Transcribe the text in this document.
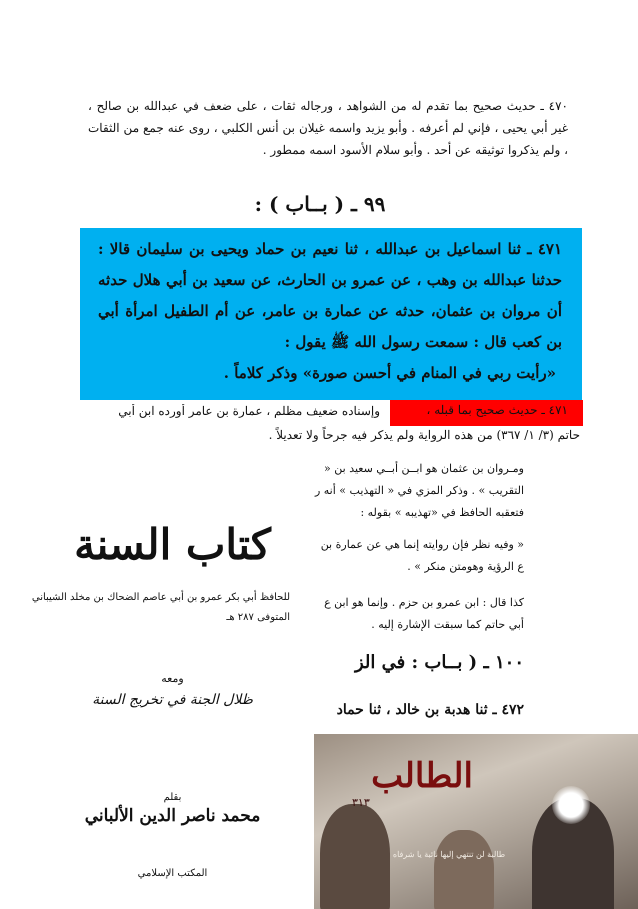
٤٧٠ ـ حديث صحيح بما تقدم له من الشواهد ، ورجاله ثقات ، على ضعف في عبدالله بن صالح ، غير أبي يحيى ، فإني لم أعرفه . وأبو يزيد واسمه غيلان بن أنس الكلبي ، روى عنه جمع من الثقات ، ولم يذكروا توثيقه عن أحد . وأبو سلام الأسود اسمه ممطور .
٩٩ ـ ( بــاب ) :
٤٧١ ـ ثنا اسماعيل بن عبدالله ، ثنا نعيم بن حماد ويحيى بن سليمان قالا : حدثنا عبدالله بن وهب ، عن عمرو بن الحارث، عن سعيد بن أبي هلال حدثه أن مروان بن عثمان، حدثه عن عمارة بن عامر، عن أم الطفيل امرأة أبي بن كعب قال : سمعت رسول الله ﷺ يقول :
«رأيت ربي في المنام في أحسن صورة» وذكر كلاماً .
٤٧١ ـ حديث صحيح بما قبله ،
وإسناده ضعيف مظلم ، عمارة بن عامر أورده ابن أبي
حاتم (٣/ ١/ ٣٦٧) من هذه الرواية ولم يذكر فيه جرحاً ولا تعديلاً .
ومـروان بن عثمان هو ابــن أبــي سعيد بن « التقريب » . وذكر المزي في « التهذيب » أنه ر فتعقبه الحافظ في «تهذيبه » بقوله :
« وفيه نظر فإن روايته إنما هي عن عمارة بن ع الرؤية وهومتن منكر » .
كذا قال : ابن عمرو بن حزم . وإنما هو ابن ع أبي حاتم كما سبقت الإشارة إليه .
١٠٠ ـ ( بــاب : في الز
٤٧٢ ـ ثنا هدبة بن خالد ، ثنا حماد
كتاب السنة
للحافظ أبي بكر عمرو بن أبي عاصم الضحاك بن مخلد الشيباني
المتوفى ٢٨٧ هـ
ومعه
ظلال الجنة في تخريج السنة
بقلم
محمد ناصر الدين الألباني
المكتب الإسلامي
الطالب
٣١٣
طالبة لن تنتهي إليها نائبة يا شرفاه
